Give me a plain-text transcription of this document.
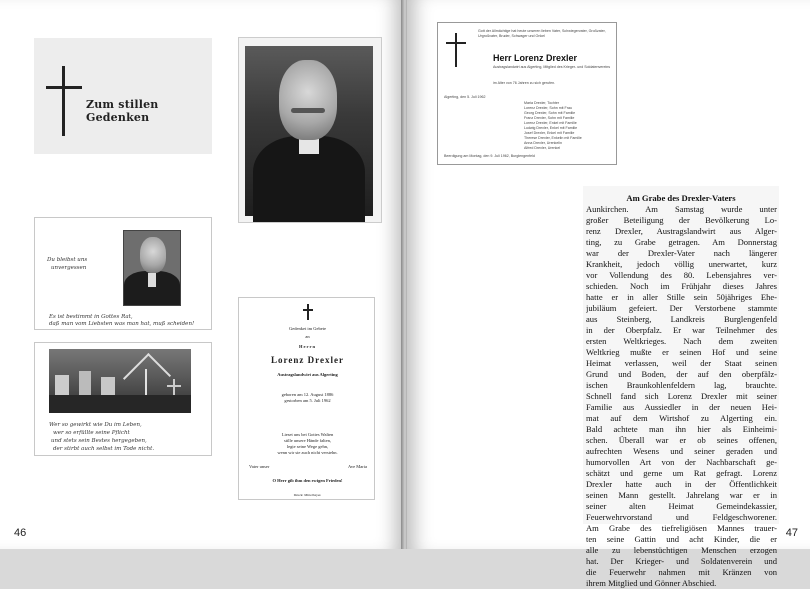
Zum stillen Gedenken
Du bleibst uns
unvergessen
Es ist bestimmt in Gottes Rat,
daß man vom Liebsten was man hat, muß scheiden!
Wer so gewirkt wie Du im Leben,
wer so erfüllte seine Pflicht
und stets sein Bestes hergegeben,
der stirbt auch selbst im Tode nicht.
Gedenket im Gebete
an
Herrn
Lorenz Drexler
Austragslandwirt aus Algerting
geboren am 12. August 1886
gestorben am 5. Juli 1962
Lieset uns bei Gottes Walten
stille unsere Hände falten,
legte seine Wege gehn,
wenn wir sie auch nicht verstehn.
Vater unser	Ave Maria
O Herr gib ihm den ewigen Frieden!
Druck: Mittelbayer.
46	47
Gott der Allmächtige hat heute unseren lieben Vater, Schwiegervater, Großvater, Urgroßvater, Bruder, Schwager und Onkel
Herr Lorenz Drexler
Austragslandwirt aus Algerting, Mitglied des Krieger- und Soldatenvereins
im Alter von 76 Jahren zu sich gerufen.
Algerting, den 5. Juli 1962
Maria Drexler, Tochter
Lorenz Drexler, Sohn mit Frau
Georg Drexler, Sohn mit Familie
Franz Drexler, Sohn mit Familie
Lorenz Drexler, Enkel mit Familie
Ludwig Drexler, Enkel mit Familie
Josef Drexler, Enkel mit Familie
Therese Drexler, Enkelin mit Familie
Anna Drexler, Urenkelin
Alfred Drexler, Urenkel
Beerdigung am Montag, den 9. Juli 1962, Burglengenfeld
Am Grabe des Drexler-Vaters
Aunkirchen. Am Samstag wurde unter
großer Beteiligung der Bevölkerung Lo-
renz Drexler, Austragslandwirt aus Alger-
ting, zu Grabe getragen. Am Donnerstag
war der Drexler-Vater nach längerer
Krankheit, jedoch völlig unerwartet, kurz
vor Vollendung des 80. Lebensjahres ver-
schieden. Noch im Frühjahr dieses Jahres
hatte er in aller Stille sein 50jähriges Ehe-
jubiläum gefeiert. Der Verstorbene stammte
aus Steinberg, Landkreis Burglengenfeld
in der Oberpfalz. Er war Teilnehmer des
ersten Weltkrieges. Nach dem zweiten
Weltkrieg mußte er seinen Hof und seine
Heimat verlassen, weil der Staat seinen
Grund und Boden, der auf den oberpfälz-
ischen Braunkohlenfeldern lag, brauchte.
Schnell fand sich Lorenz Drexler mit seiner
Familie aus Aussiedler in der neuen Hei-
mat auf dem Wirtshof zu Algerting ein.
Bald achtete man ihn hier als Einheimi-
schen. Überall war er ob seines offenen,
aufrechten Wesens und seiner geraden und
humorvollen Art von der Nachbarschaft ge-
schätzt und gerne um Rat gefragt. Lorenz
Drexler hatte auch in der Öffentlichkeit
seinen Mann gestellt. Jahrelang war er in
seiner alten Heimat Gemeindekassier,
Feuerwehrvorstand und Feldgeschworener.
Am Grabe des tiefreligiösen Mannes trauer-
ten seine Gattin und acht Kinder, die er
alle zu lebenstüchtigen Menschen erzogen
hat. Der Krieger- und Soldatenverein und
die Feuerwehr nahmen mit Kränzen von
ihrem Mitglied und Gönner Abschied.
